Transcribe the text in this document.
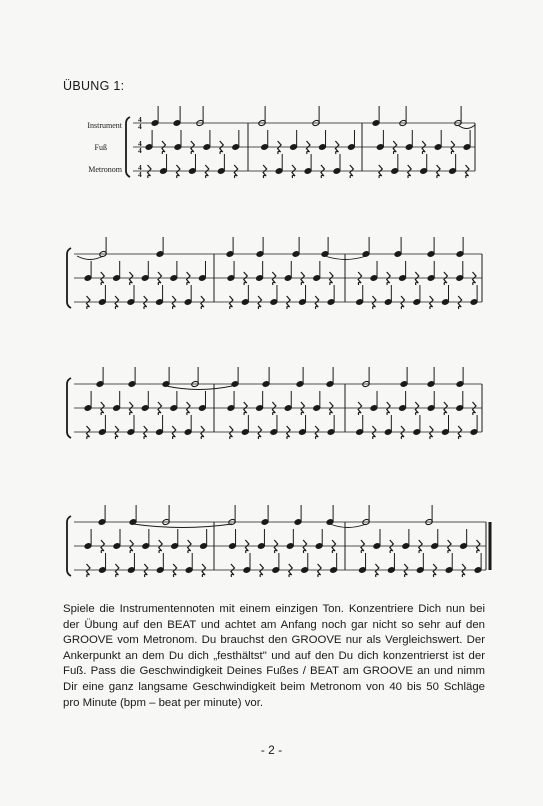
ÜBUNG 1:
Instrument
Fuß
Metronom
4
4
4
4
4
4
Spiele die Instrumentennoten mit einem einzigen Ton. Konzentriere Dich nun bei der Übung auf den BEAT und achtet am Anfang noch gar nicht so sehr auf den GROOVE vom Metronom. Du brauchst den GROOVE nur als Vergleichswert. Der Ankerpunkt an dem Du dich „festhältst" und auf den Du dich konzentrierst ist der Fuß. Pass die Geschwindigkeit Deines Fußes / BEAT am GROOVE an und nimm Dir eine ganz langsame Geschwindigkeit beim Metronom von 40 bis 50 Schläge pro Minute (bpm – beat per minute) vor.
- 2 -
